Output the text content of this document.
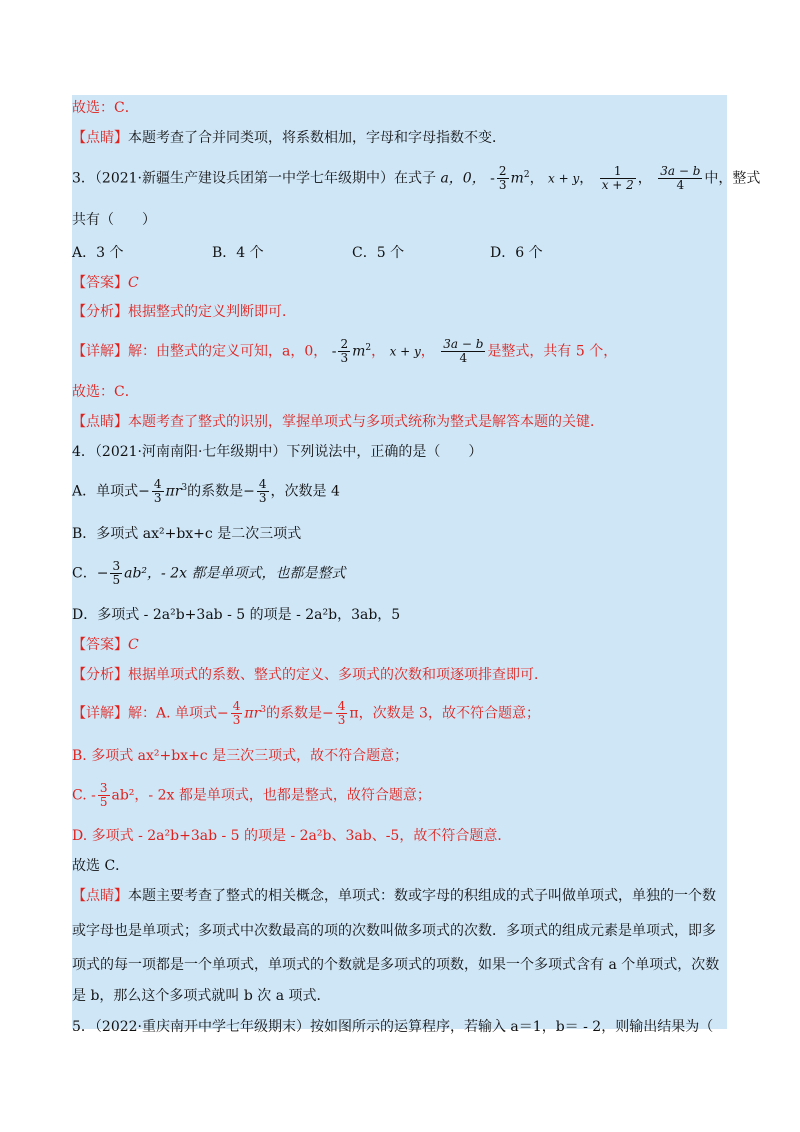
故选：C．
【点睛】本题考查了合并同类项，将系数相加，字母和字母指数不变．
3．（2021·新疆生产建设兵团第一中学七年级期中）在式子 a，0， - $\frac{2}{3} m^2$， x + y， $\frac{1}{x + 2}$ ， $\frac{3a - b}{4}$ 中，整式
共有（　　）
A．3 个	B．4 个	C．5 个	D．6 个
【答案】C
【分析】根据整式的定义判断即可．
【详解】解：由整式的定义可知，a，0， - $\frac{2}{3} m^2$， x + y， $\frac{3a - b}{4}$ 是整式，共有 5 个，
故选：C．
【点睛】本题考查了整式的识别，掌握单项式与多项式统称为整式是解答本题的关键．
4．（2021·河南南阳·七年级期中）下列说法中，正确的是（　　）
A．单项式− $\frac{4}{3} \pi r^3$的系数是− $\frac{4}{3}$ ，次数是 4
B．多项式 ax²+bx+c 是二次三项式
C．− $\frac{3}{5} ab^2$，- 2x 都是单项式，也都是整式
D．多项式 - 2a²b+3ab - 5 的项是 - 2a²b，3ab，5
【答案】C
【分析】根据单项式的系数、整式的定义、多项式的次数和项逐项排查即可．
【详解】解：A. 单项式− $\frac{4}{3} \pi r^3$的系数是− $\frac{4}{3}$ π，次数是 3，故不符合题意；
B. 多项式 ax²+bx+c 是三次三项式，故不符合题意；
C. - $\frac{3}{5} ab^2$，- 2x 都是单项式，也都是整式，故符合题意；
D. 多项式 - 2a²b+3ab - 5 的项是 - 2a²b、3ab、-5，故不符合题意．
故选 C．
【点睛】本题主要考查了整式的相关概念，单项式：数或字母的积组成的式子叫做单项式，单独的一个数
或字母也是单项式；多项式中次数最高的项的次数叫做多项式的次数．多项式的组成元素是单项式，即多
项式的每一项都是一个单项式，单项式的个数就是多项式的项数，如果一个多项式含有 a 个单项式，次数
是 b，那么这个多项式就叫 b 次 a 项式．
5．（2022·重庆南开中学七年级期末）按如图所示的运算程序，若输入 a＝1，b＝ - 2，则输出结果为（
